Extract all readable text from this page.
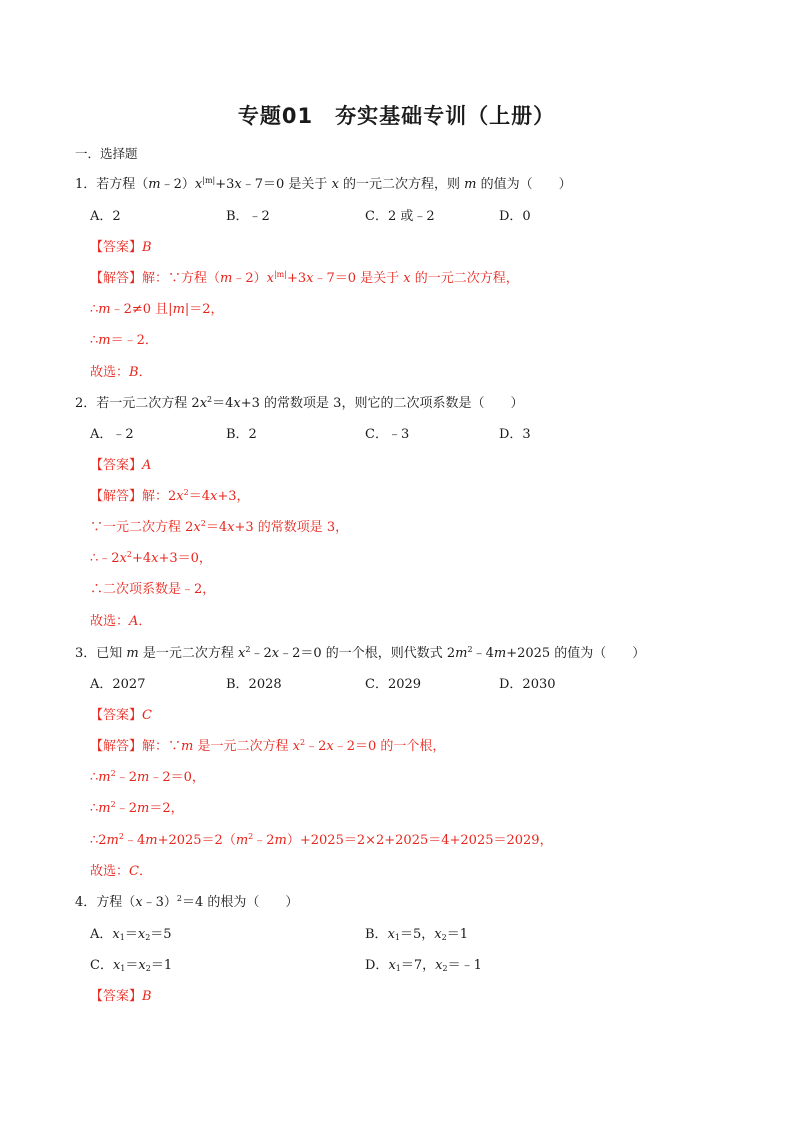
专题01　夯实基础专训（上册）
一．选择题
1．若方程$(m﹣2)x^{|m|}+3x﹣7=0$ 是关于 x 的一元二次方程，则 m 的值为（　　）
A．2	B．﹣2	C．2 或﹣2	D．0
【答案】B
【解答】解：∵方程$(m﹣2)x^{|m|}+3x﹣7=0$ 是关于 x 的一元二次方程，
∴m﹣2≠0 且|m|＝2，
∴m＝﹣2．
故选：B．
2．若一元二次方程 $2x^2=4x+3$ 的常数项是 3，则它的二次项系数是（　　）
A．﹣2	B．2	C．﹣3	D．3
【答案】A
【解答】解：$2x^2=4x+3$，
∵一元二次方程 $2x^2=4x+3$ 的常数项是 3，
$\therefore﹣2x^2+4x+3=0$，
∴二次项系数是﹣2，
故选：A．
3．已知 m 是一元二次方程 $x^2﹣2x﹣2=0$ 的一个根，则代数式 $2m^2﹣4m+2025$ 的值为（　　）
A．2027	B．2028	C．2029	D．2030
【答案】C
【解答】解：∵m 是一元二次方程 $x^2﹣2x﹣2=0$ 的一个根，
$\therefore m^2﹣2m﹣2=0$，
$\therefore m^2﹣2m=2$，
$\therefore 2m^2﹣4m+2025=2(m^2﹣2m)+2025=2\times 2+2025=4+2025=2029$，
故选：C．
4．方程（x﹣3）$^2$＝4 的根为（　　）
A．$x_1=x_2=5$	B．$x_1=5$，$x_2=1$
C．$x_1=x_2=1$	D．$x_1=7$，$x_2=﹣1$
【答案】B
